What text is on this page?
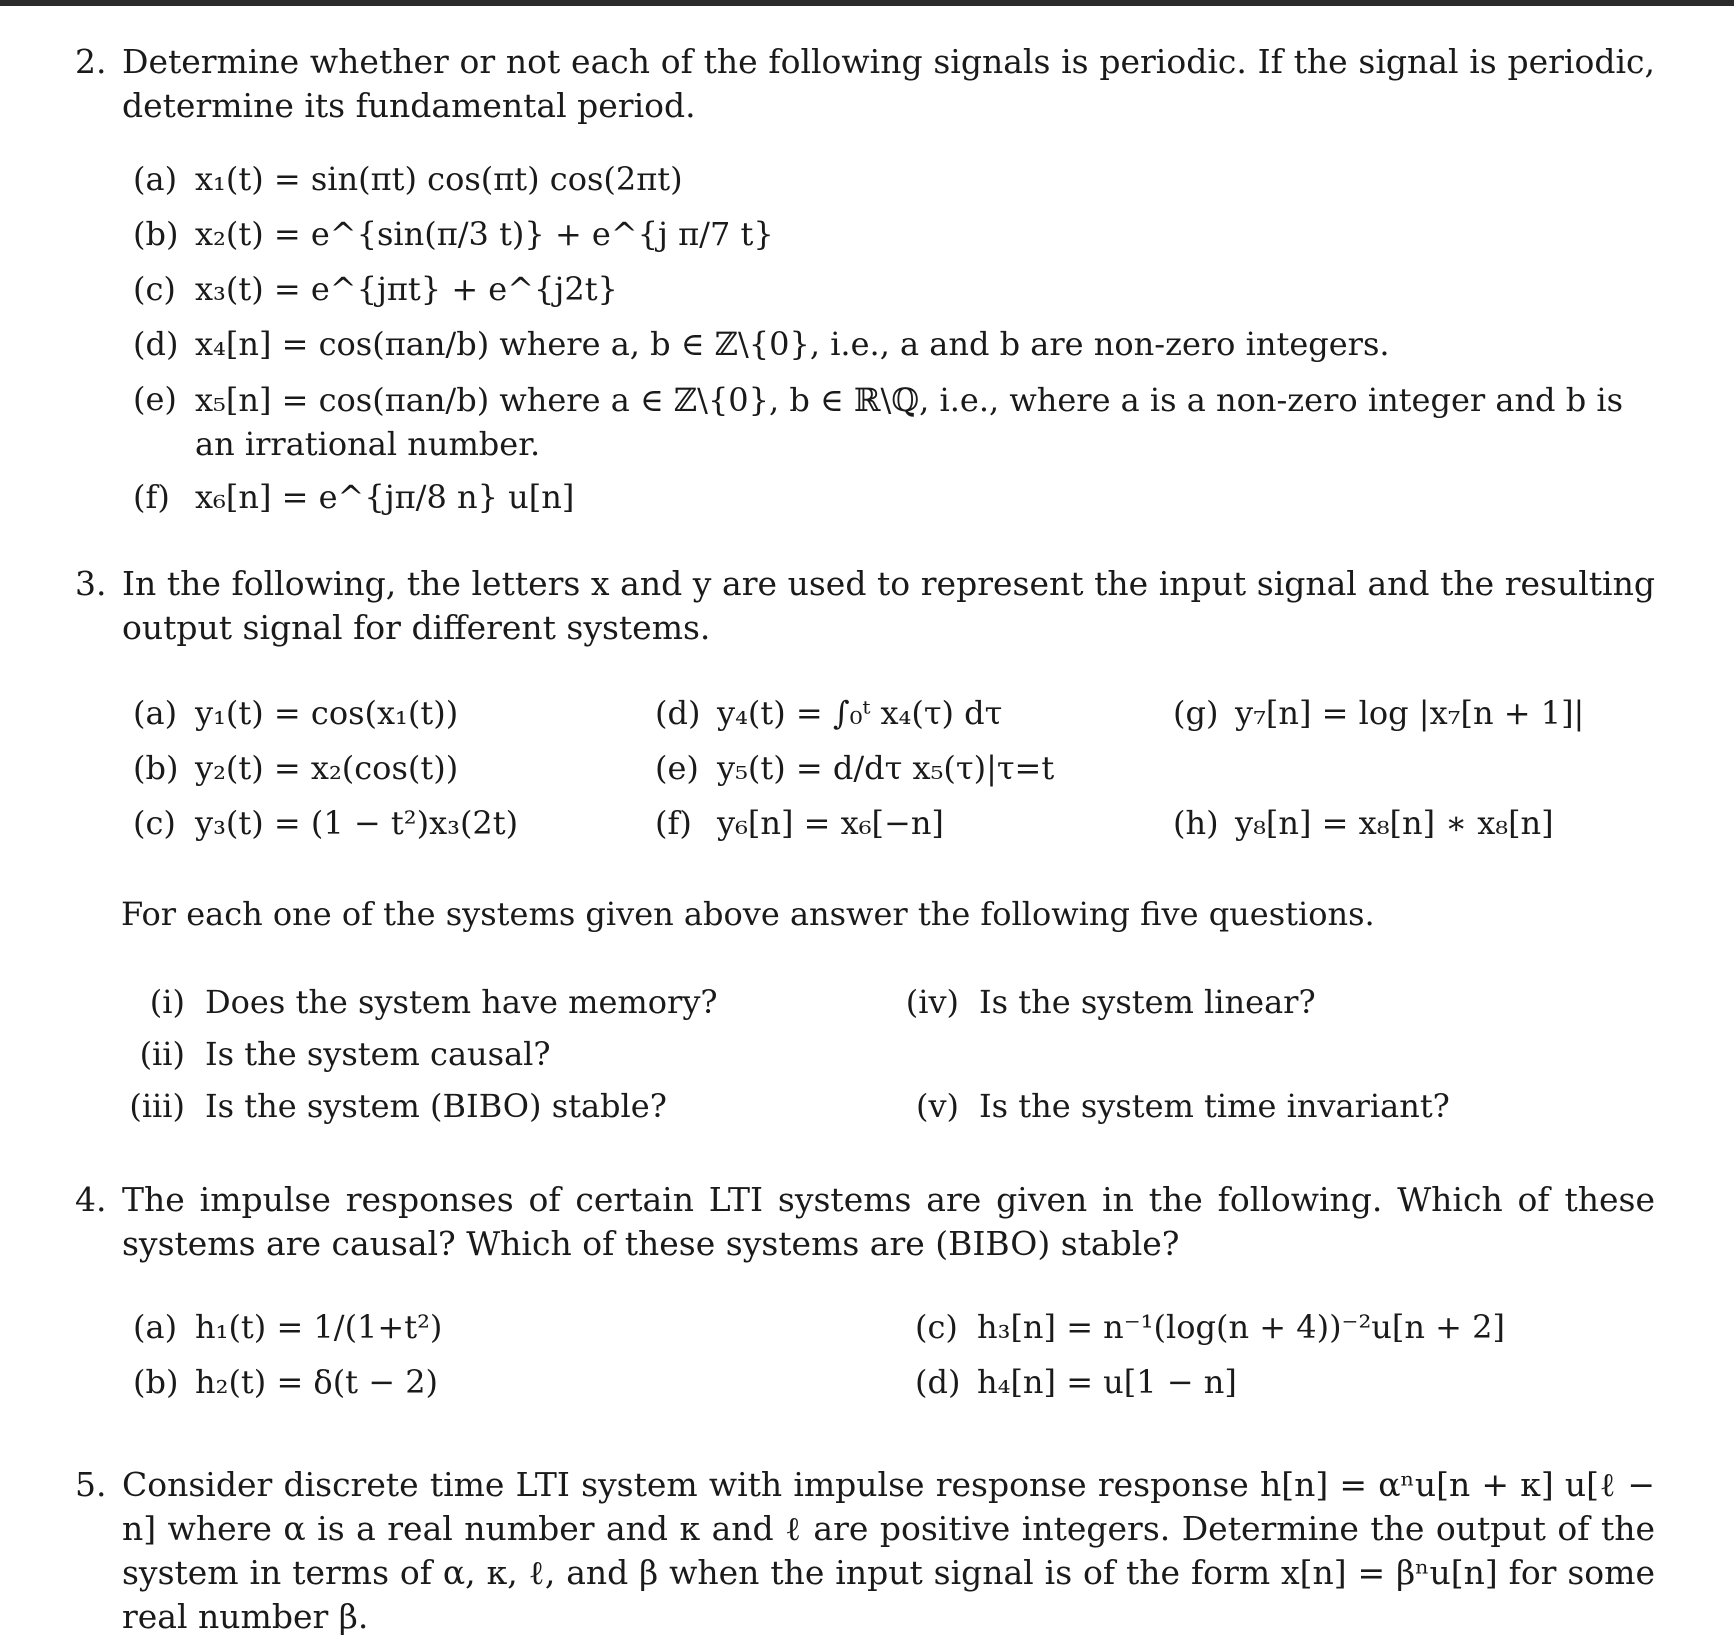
2. Determine whether or not each of the following signals is periodic. If the signal is periodic, determine its fundamental period.
(a) x₁(t) = sin(πt) cos(πt) cos(2πt)
(b) x₂(t) = e^{sin(π/3 t)} + e^{j π/7 t}
(c) x₃(t) = e^{jπt} + e^{j2t}
(d) x₄[n] = cos(πan/b) where a, b ∈ ℤ\{0}, i.e., a and b are non-zero integers.
(e) x₅[n] = cos(πan/b) where a ∈ ℤ\{0}, b ∈ ℝ\ℚ, i.e., where a is a non-zero integer and b is an irrational number.
(f) x₆[n] = e^{jπ/8 n} u[n]
3. In the following, the letters x and y are used to represent the input signal and the resulting output signal for different systems.
(a) y₁(t) = cos(x₁(t))
(b) y₂(t) = x₂(cos(t))
(c) y₃(t) = (1 − t²)x₃(2t)
(d) y₄(t) = ∫₀ᵗ x₄(τ) dτ
(e) y₅(t) = d/dτ x₅(τ)|τ=t
(f) y₆[n] = x₆[−n]
(g) y₇[n] = log |x₇[n + 1]|
(h) y₈[n] = x₈[n] ∗ x₈[n]
For each one of the systems given above answer the following five questions.
(i) Does the system have memory?
(ii) Is the system causal?
(iii) Is the system (BIBO) stable?
(iv) Is the system linear?
(v) Is the system time invariant?
4. The impulse responses of certain LTI systems are given in the following. Which of these systems are causal? Which of these systems are (BIBO) stable?
(a) h₁(t) = 1/(1+t²)
(b) h₂(t) = δ(t − 2)
(c) h₃[n] = n⁻¹(log(n + 4))⁻²u[n + 2]
(d) h₄[n] = u[1 − n]
5. Consider discrete time LTI system with impulse response response h[n] = αⁿu[n + κ] u[ℓ − n] where α is a real number and κ and ℓ are positive integers. Determine the output of the system in terms of α, κ, ℓ, and β when the input signal is of the form x[n] = βⁿu[n] for some real number β.
